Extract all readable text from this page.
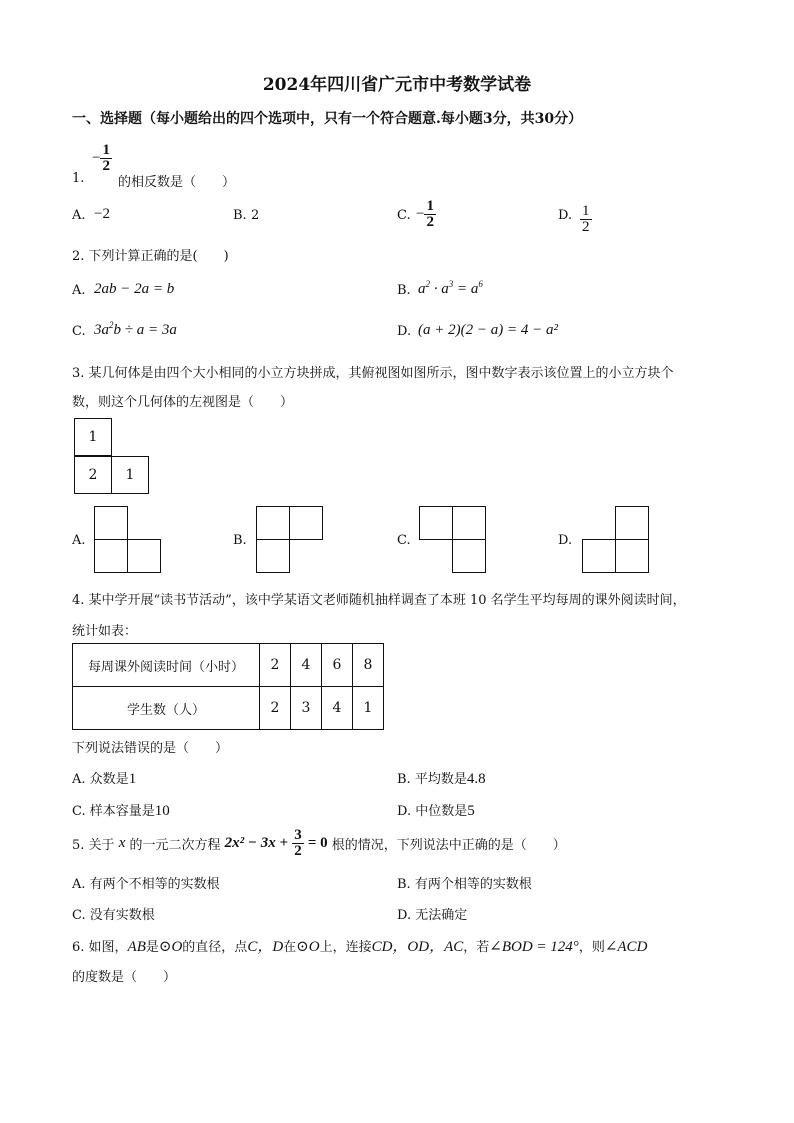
2024年四川省广元市中考数学试卷
一、选择题（每小题给出的四个选项中，只有一个符合题意.每小题3分，共30分）
− $\frac{1}{2}$
1.	的相反数是（　　）
A. −2	B. 2	C. − $\frac{1}{2}$	D. $\frac{1}{2}$
2. 下列计算正确的是(　　)
A. 2ab − 2a = b	B. $a^2 \cdot a^3 = a^6$
C. $3a^2b \div a = 3a$	D. (a + 2)(2 − a) = 4 − a²
3. 某几何体是由四个大小相同的小立方块拼成，其俯视图如图所示，图中数字表示该位置上的小立方块个
数，则这个几何体的左视图是（　　）
1
2	1
A.	B.	C.	D.
4. 某中学开展“读书节活动”，该中学某语文老师随机抽样调查了本班 10 名学生平均每周的课外阅读时间，
统计如表：
每周课外阅读时间（小时）	2	4	6	8
学生数（人）	2	3	4	1
下列说法错误的是（　　）
A. 众数是1	B. 平均数是4.8
C. 样本容量是10	D. 中位数是5
5. 关于 x 的一元二次方程 $2x^2 - 3x + \frac{3}{2} = 0$ 根的情况，下列说法中正确的是（　　）
A. 有两个不相等的实数根	B. 有两个相等的实数根
C. 没有实数根	D. 无法确定
6. 如图，AB是⊙O的直径，点C，D在⊙O上，连接CD，OD，AC，若∠BOD = 124°，则∠ACD
的度数是（　　）
